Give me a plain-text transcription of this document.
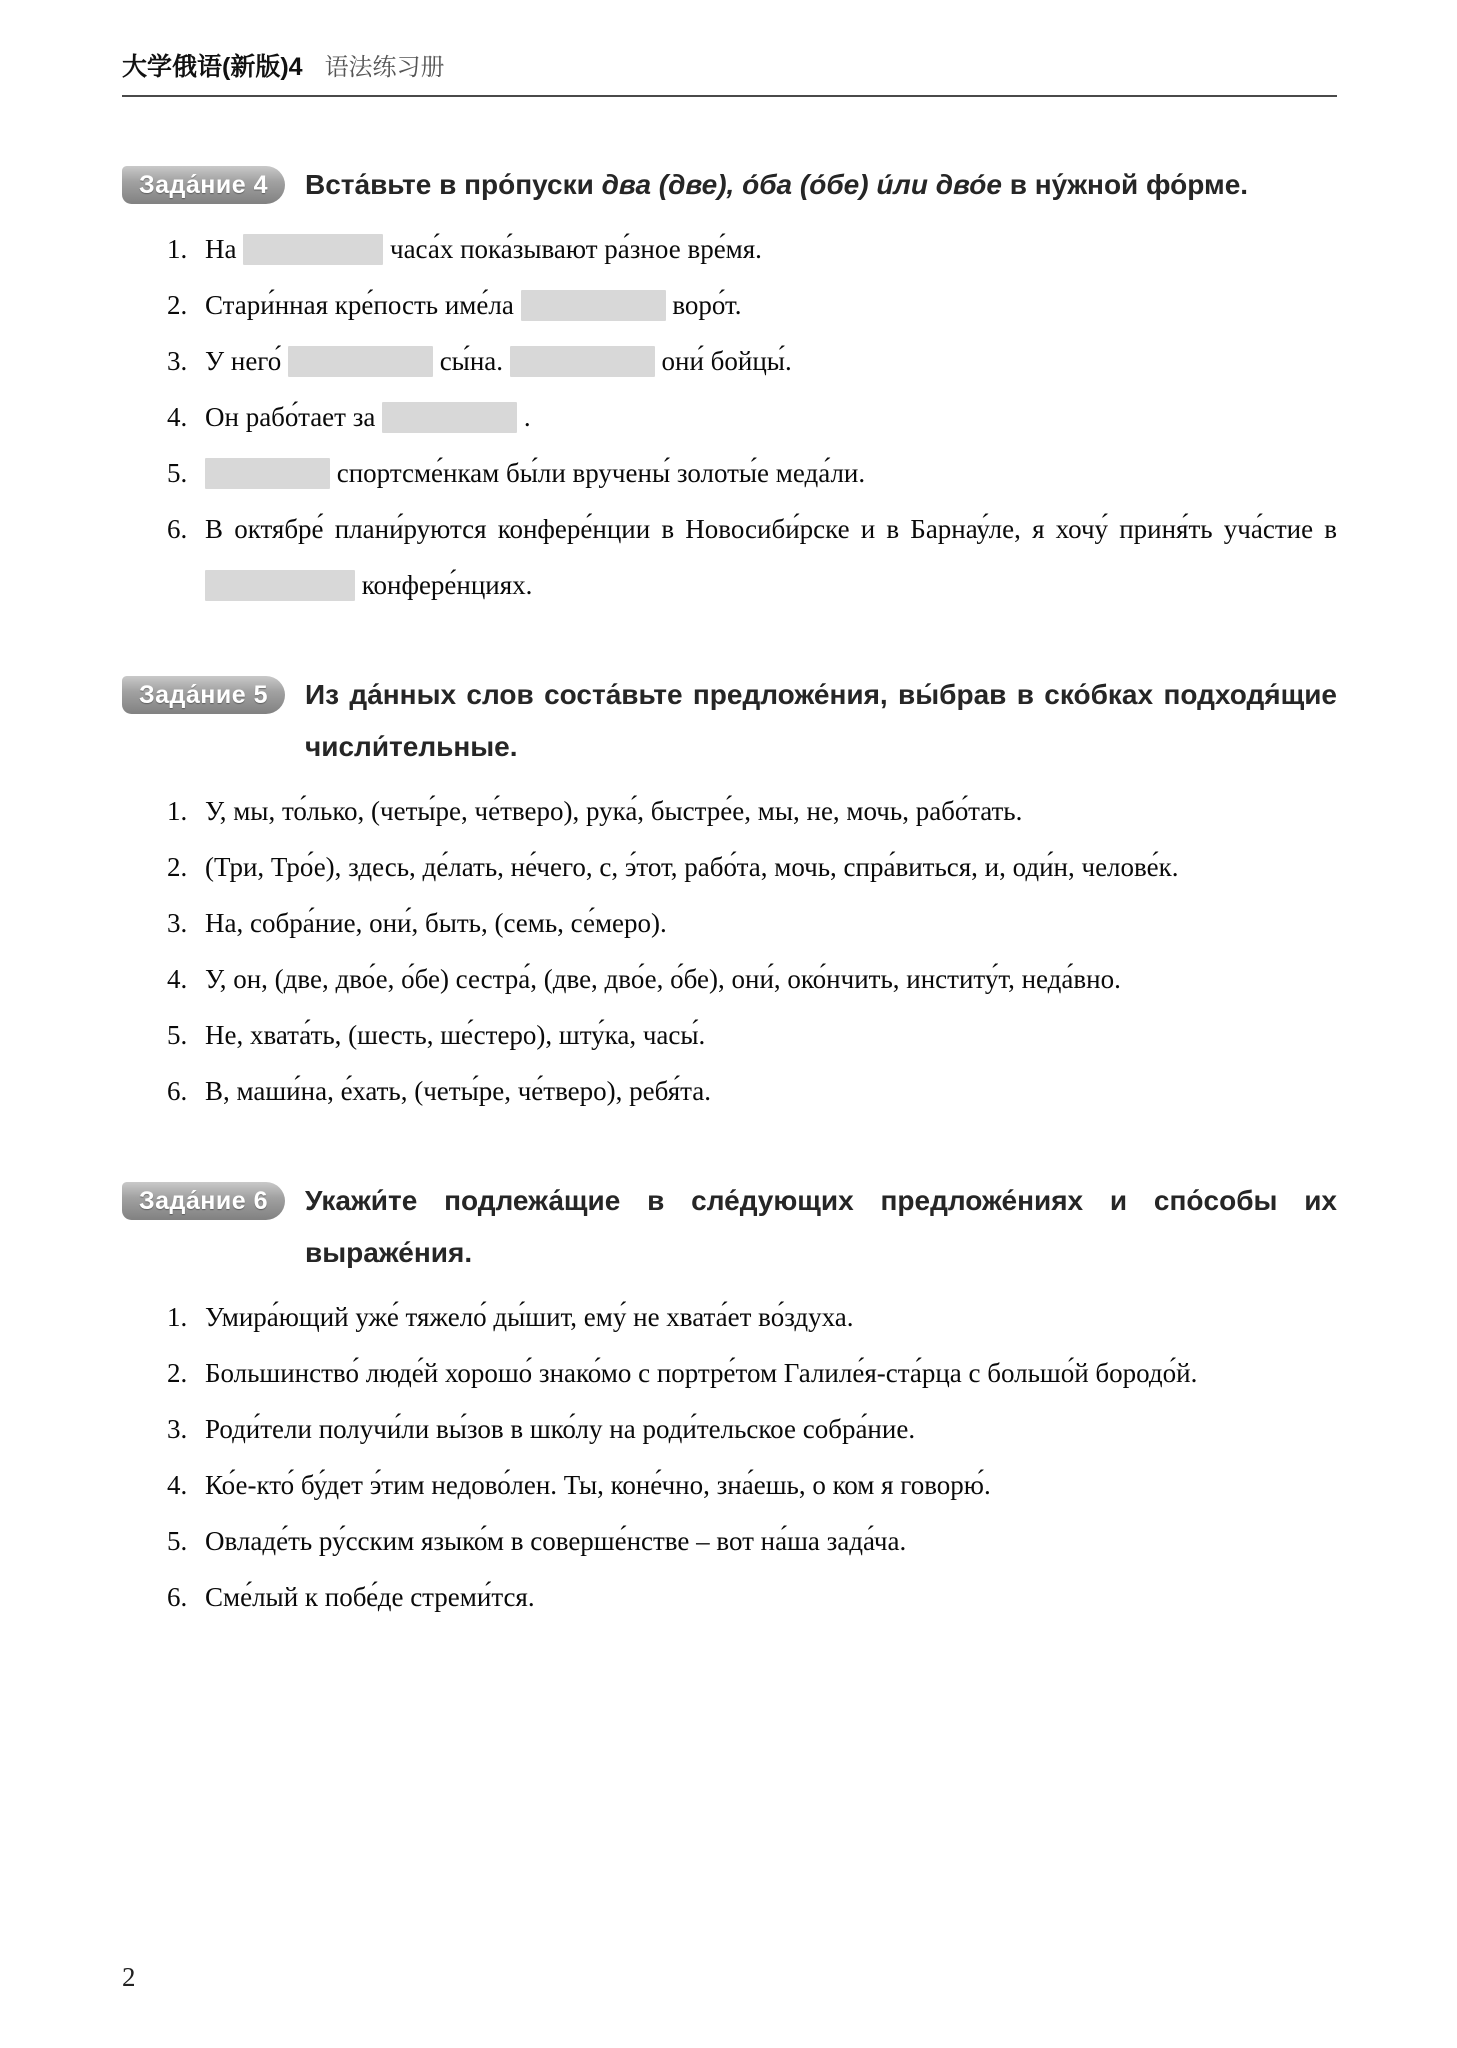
大学俄语(新版)4 语法练习册
Зада́ние 4 Вста́вьте в про́пуски два (две), о́ба (о́бе) и́ли дво́е в ну́жной фо́рме.
1. На	часа́х пока́зывают ра́зное вре́мя.
2. Стари́нная кре́пость име́ла	воро́т.
3. У него́	сы́на.	они́ бойцы́.
4. Он рабо́тает за	.
5.	спортсме́нкам бы́ли вручены́ золоты́е меда́ли.
6. В октябре́ плани́руются конфере́нции в Новосиби́рске и в Барнау́ле, я хочу́ приня́ть уча́стие в  конфере́нциях.
Зада́ние 5 Из да́нных слов соста́вьте предложе́ния, вы́брав в ско́бках подходя́щие числи́тельные.
1. У, мы, то́лько, (четы́ре, че́тверо), рука́, быстре́е, мы, не, мочь, рабо́тать.
2. (Три, Тро́е), здесь, де́лать, не́чего, с, э́тот, рабо́та, мочь, спра́виться, и, оди́н, челове́к.
3. На, собра́ние, они́, быть, (семь, се́меро).
4. У, он, (две, дво́е, о́бе) сестра́, (две, дво́е, о́бе), они́, око́нчить, институ́т, неда́вно.
5. Не, хвата́ть, (шесть, ше́стеро), шту́ка, часы́.
6. В, маши́на, е́хать, (четы́ре, че́тверо), ребя́та.
Зада́ние 6 Укажи́те подлежа́щие в сле́дующих предложе́ниях и спо́собы их выраже́ния.
1. Умира́ющий уже́ тяжело́ ды́шит, ему́ не хвата́ет во́здуха.
2. Большинство́ люде́й хорошо́ знако́мо с портре́том Галиле́я-ста́рца с большо́й бородо́й.
3. Роди́тели получи́ли вы́зов в шко́лу на роди́тельское собра́ние.
4. Ко́е-кто́ бу́дет э́тим недово́лен. Ты, коне́чно, зна́ешь, о ком я говорю́.
5. Овладе́ть ру́сским языко́м в соверше́нстве – вот на́ша зада́ча.
6. Сме́лый к побе́де стреми́тся.
2
